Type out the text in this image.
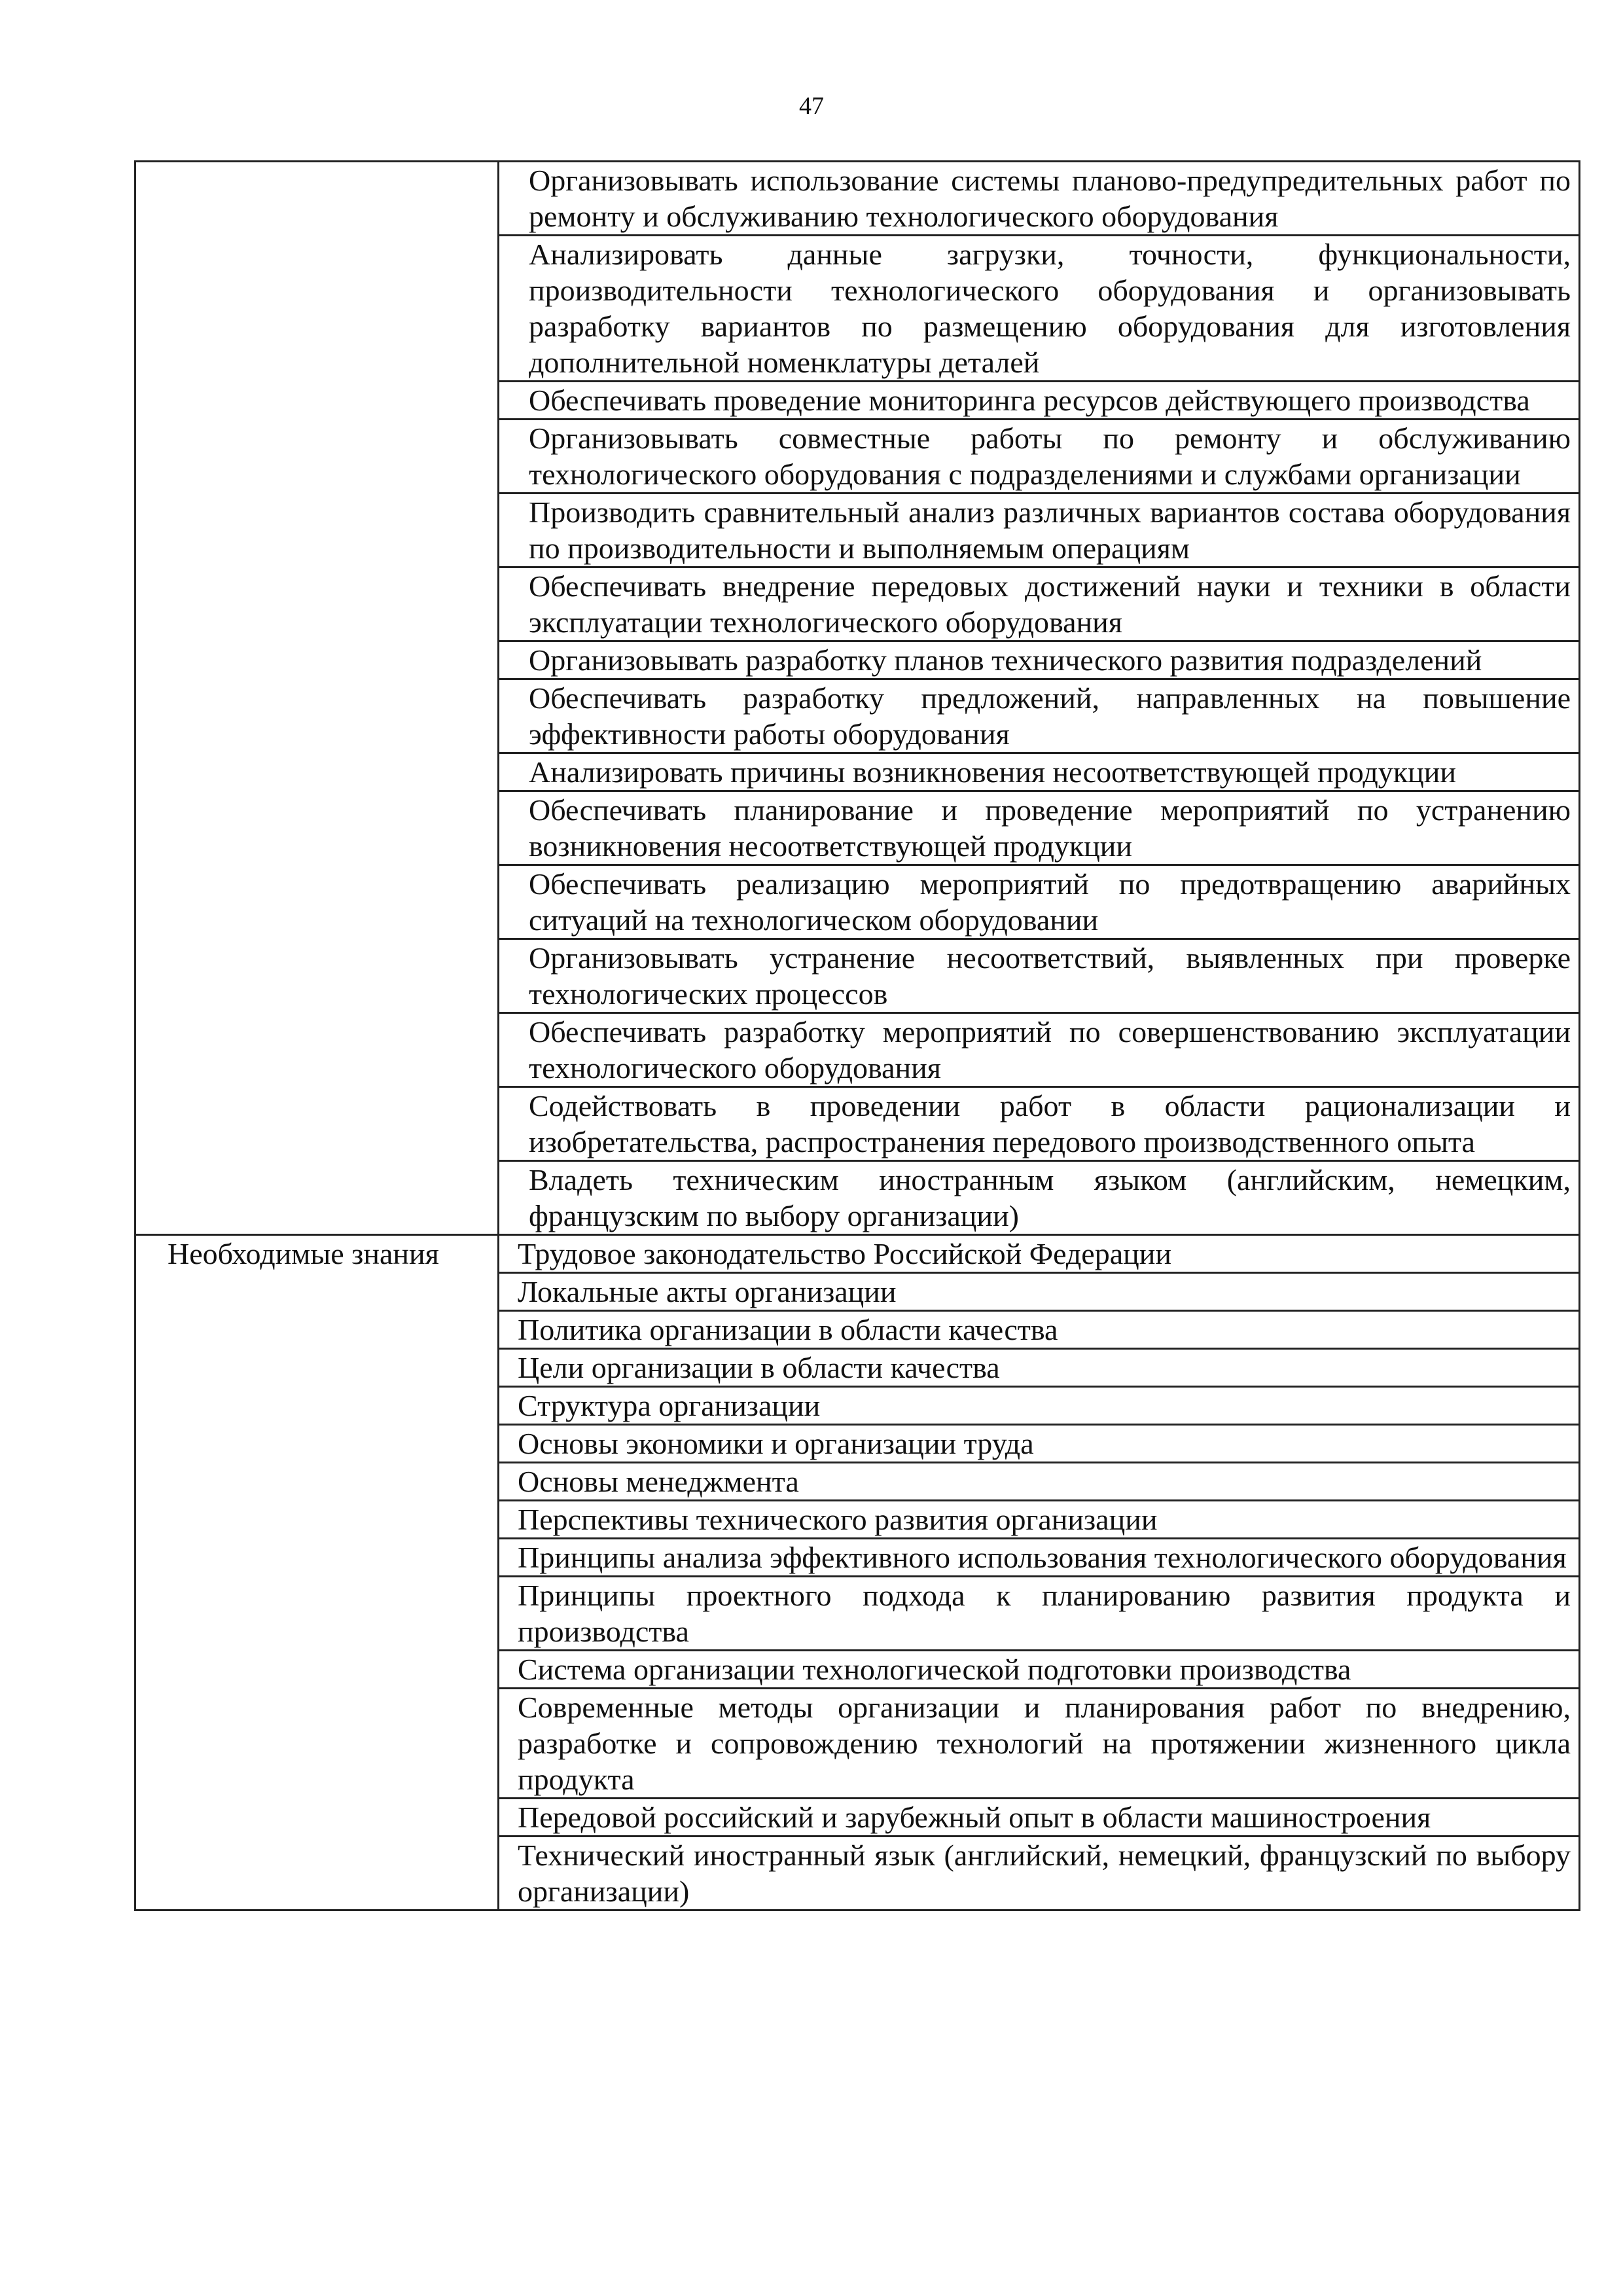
47
	Организовывать использование системы планово-предупредительных работ по ремонту и обслуживанию технологического оборудования
	Анализировать данные загрузки, точности, функциональности, производительности технологического оборудования и организовывать разработку вариантов по размещению оборудования для изготовления дополнительной номенклатуры деталей
	Обеспечивать проведение мониторинга ресурсов действующего производства
	Организовывать совместные работы по ремонту и обслуживанию технологического оборудования с подразделениями и службами организации
	Производить сравнительный анализ различных вариантов состава оборудования по производительности и выполняемым операциям
	Обеспечивать внедрение передовых достижений науки и техники в области эксплуатации технологического оборудования
	Организовывать разработку планов технического развития подразделений
	Обеспечивать разработку предложений, направленных на повышение эффективности работы оборудования
	Анализировать причины возникновения несоответствующей продукции
	Обеспечивать планирование и проведение мероприятий по устранению возникновения несоответствующей продукции
	Обеспечивать реализацию мероприятий по предотвращению аварийных ситуаций на технологическом оборудовании
	Организовывать устранение несоответствий, выявленных при проверке технологических процессов
	Обеспечивать разработку мероприятий по совершенствованию эксплуатации технологического оборудования
	Содействовать в проведении работ в области рационализации и изобретательства, распространения передового производственного опыта
	Владеть техническим иностранным языком (английским, немецким, французским по выбору организации)

Необходимые знания	Трудовое законодательство Российской Федерации
	Локальные акты организации
	Политика организации в области качества
	Цели организации в области качества
	Структура организации
	Основы экономики и организации труда
	Основы менеджмента
	Перспективы технического развития организации
	Принципы анализа эффективного использования технологического оборудования
	Принципы проектного подхода к планированию развития продукта и производства
	Система организации технологической подготовки производства
	Современные методы организации и планирования работ по внедрению, разработке и сопровождению технологий на протяжении жизненного цикла продукта
	Передовой российский и зарубежный опыт в области машиностроения
	Технический иностранный язык (английский, немецкий, французский по выбору организации)
